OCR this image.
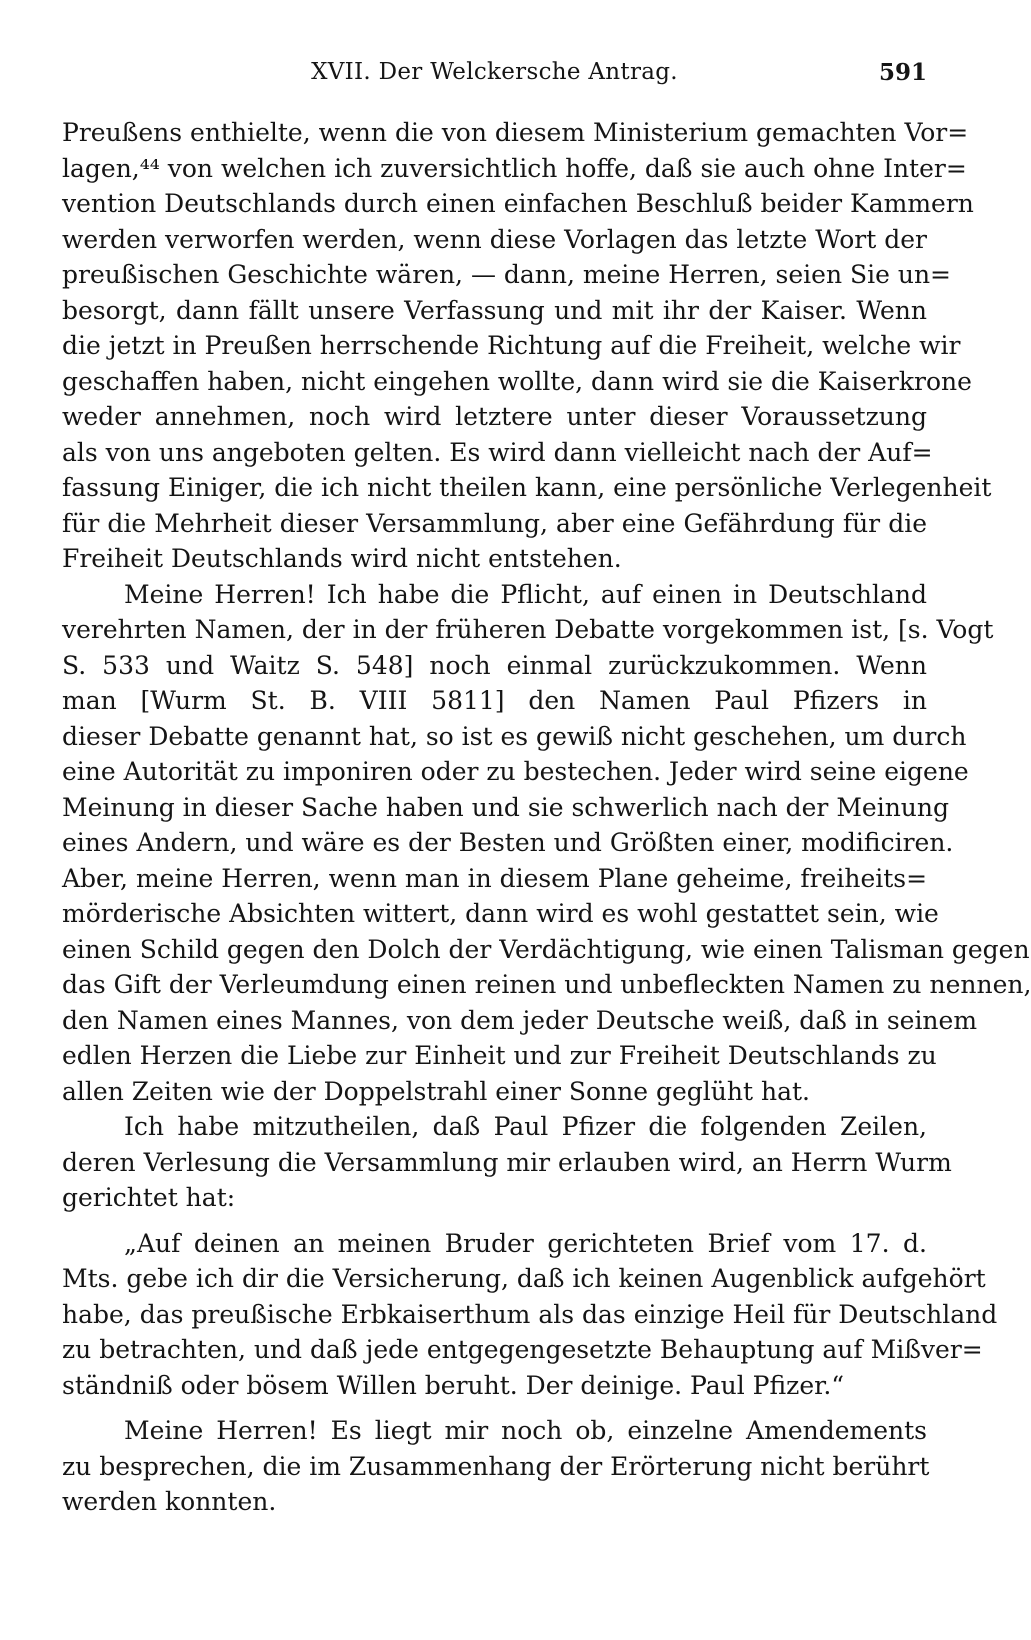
XVII. Der Welckersche Antrag.	591
Preußens enthielte, wenn die von diesem Ministerium gemachten Vor=
lagen,⁴⁴ von welchen ich zuversichtlich hoffe, daß sie auch ohne Inter=
vention Deutschlands durch einen einfachen Beschluß beider Kammern
werden verworfen werden, wenn diese Vorlagen das letzte Wort der
preußischen Geschichte wären, — dann, meine Herren, seien Sie un=
besorgt, dann fällt unsere Verfassung und mit ihr der Kaiser. Wenn
die jetzt in Preußen herrschende Richtung auf die Freiheit, welche wir
geschaffen haben, nicht eingehen wollte, dann wird sie die Kaiserkrone
weder annehmen, noch wird letztere unter dieser Voraussetzung
als von uns angeboten gelten. Es wird dann vielleicht nach der Auf=
fassung Einiger, die ich nicht theilen kann, eine persönliche Verlegenheit
für die Mehrheit dieser Versammlung, aber eine Gefährdung für die
Freiheit Deutschlands wird nicht entstehen.
Meine Herren! Ich habe die Pflicht, auf einen in Deutschland
verehrten Namen, der in der früheren Debatte vorgekommen ist, [s. Vogt
S. 533 und Waitz S. 548] noch einmal zurückzukommen. Wenn
man [Wurm St. B. VIII 5811] den Namen Paul Pfizers in
dieser Debatte genannt hat, so ist es gewiß nicht geschehen, um durch
eine Autorität zu imponiren oder zu bestechen. Jeder wird seine eigene
Meinung in dieser Sache haben und sie schwerlich nach der Meinung
eines Andern, und wäre es der Besten und Größten einer, modificiren.
Aber, meine Herren, wenn man in diesem Plane geheime, freiheits=
mörderische Absichten wittert, dann wird es wohl gestattet sein, wie
einen Schild gegen den Dolch der Verdächtigung, wie einen Talisman gegen
das Gift der Verleumdung einen reinen und unbefleckten Namen zu nennen,
den Namen eines Mannes, von dem jeder Deutsche weiß, daß in seinem
edlen Herzen die Liebe zur Einheit und zur Freiheit Deutschlands zu
allen Zeiten wie der Doppelstrahl einer Sonne geglüht hat.
Ich habe mitzutheilen, daß Paul Pfizer die folgenden Zeilen,
deren Verlesung die Versammlung mir erlauben wird, an Herrn Wurm
gerichtet hat:
„Auf deinen an meinen Bruder gerichteten Brief vom 17. d.
Mts. gebe ich dir die Versicherung, daß ich keinen Augenblick aufgehört
habe, das preußische Erbkaiserthum als das einzige Heil für Deutschland
zu betrachten, und daß jede entgegengesetzte Behauptung auf Mißver=
ständniß oder bösem Willen beruht. Der deinige. Paul Pfizer.“
Meine Herren! Es liegt mir noch ob, einzelne Amendements
zu besprechen, die im Zusammenhang der Erörterung nicht berührt
werden konnten.
